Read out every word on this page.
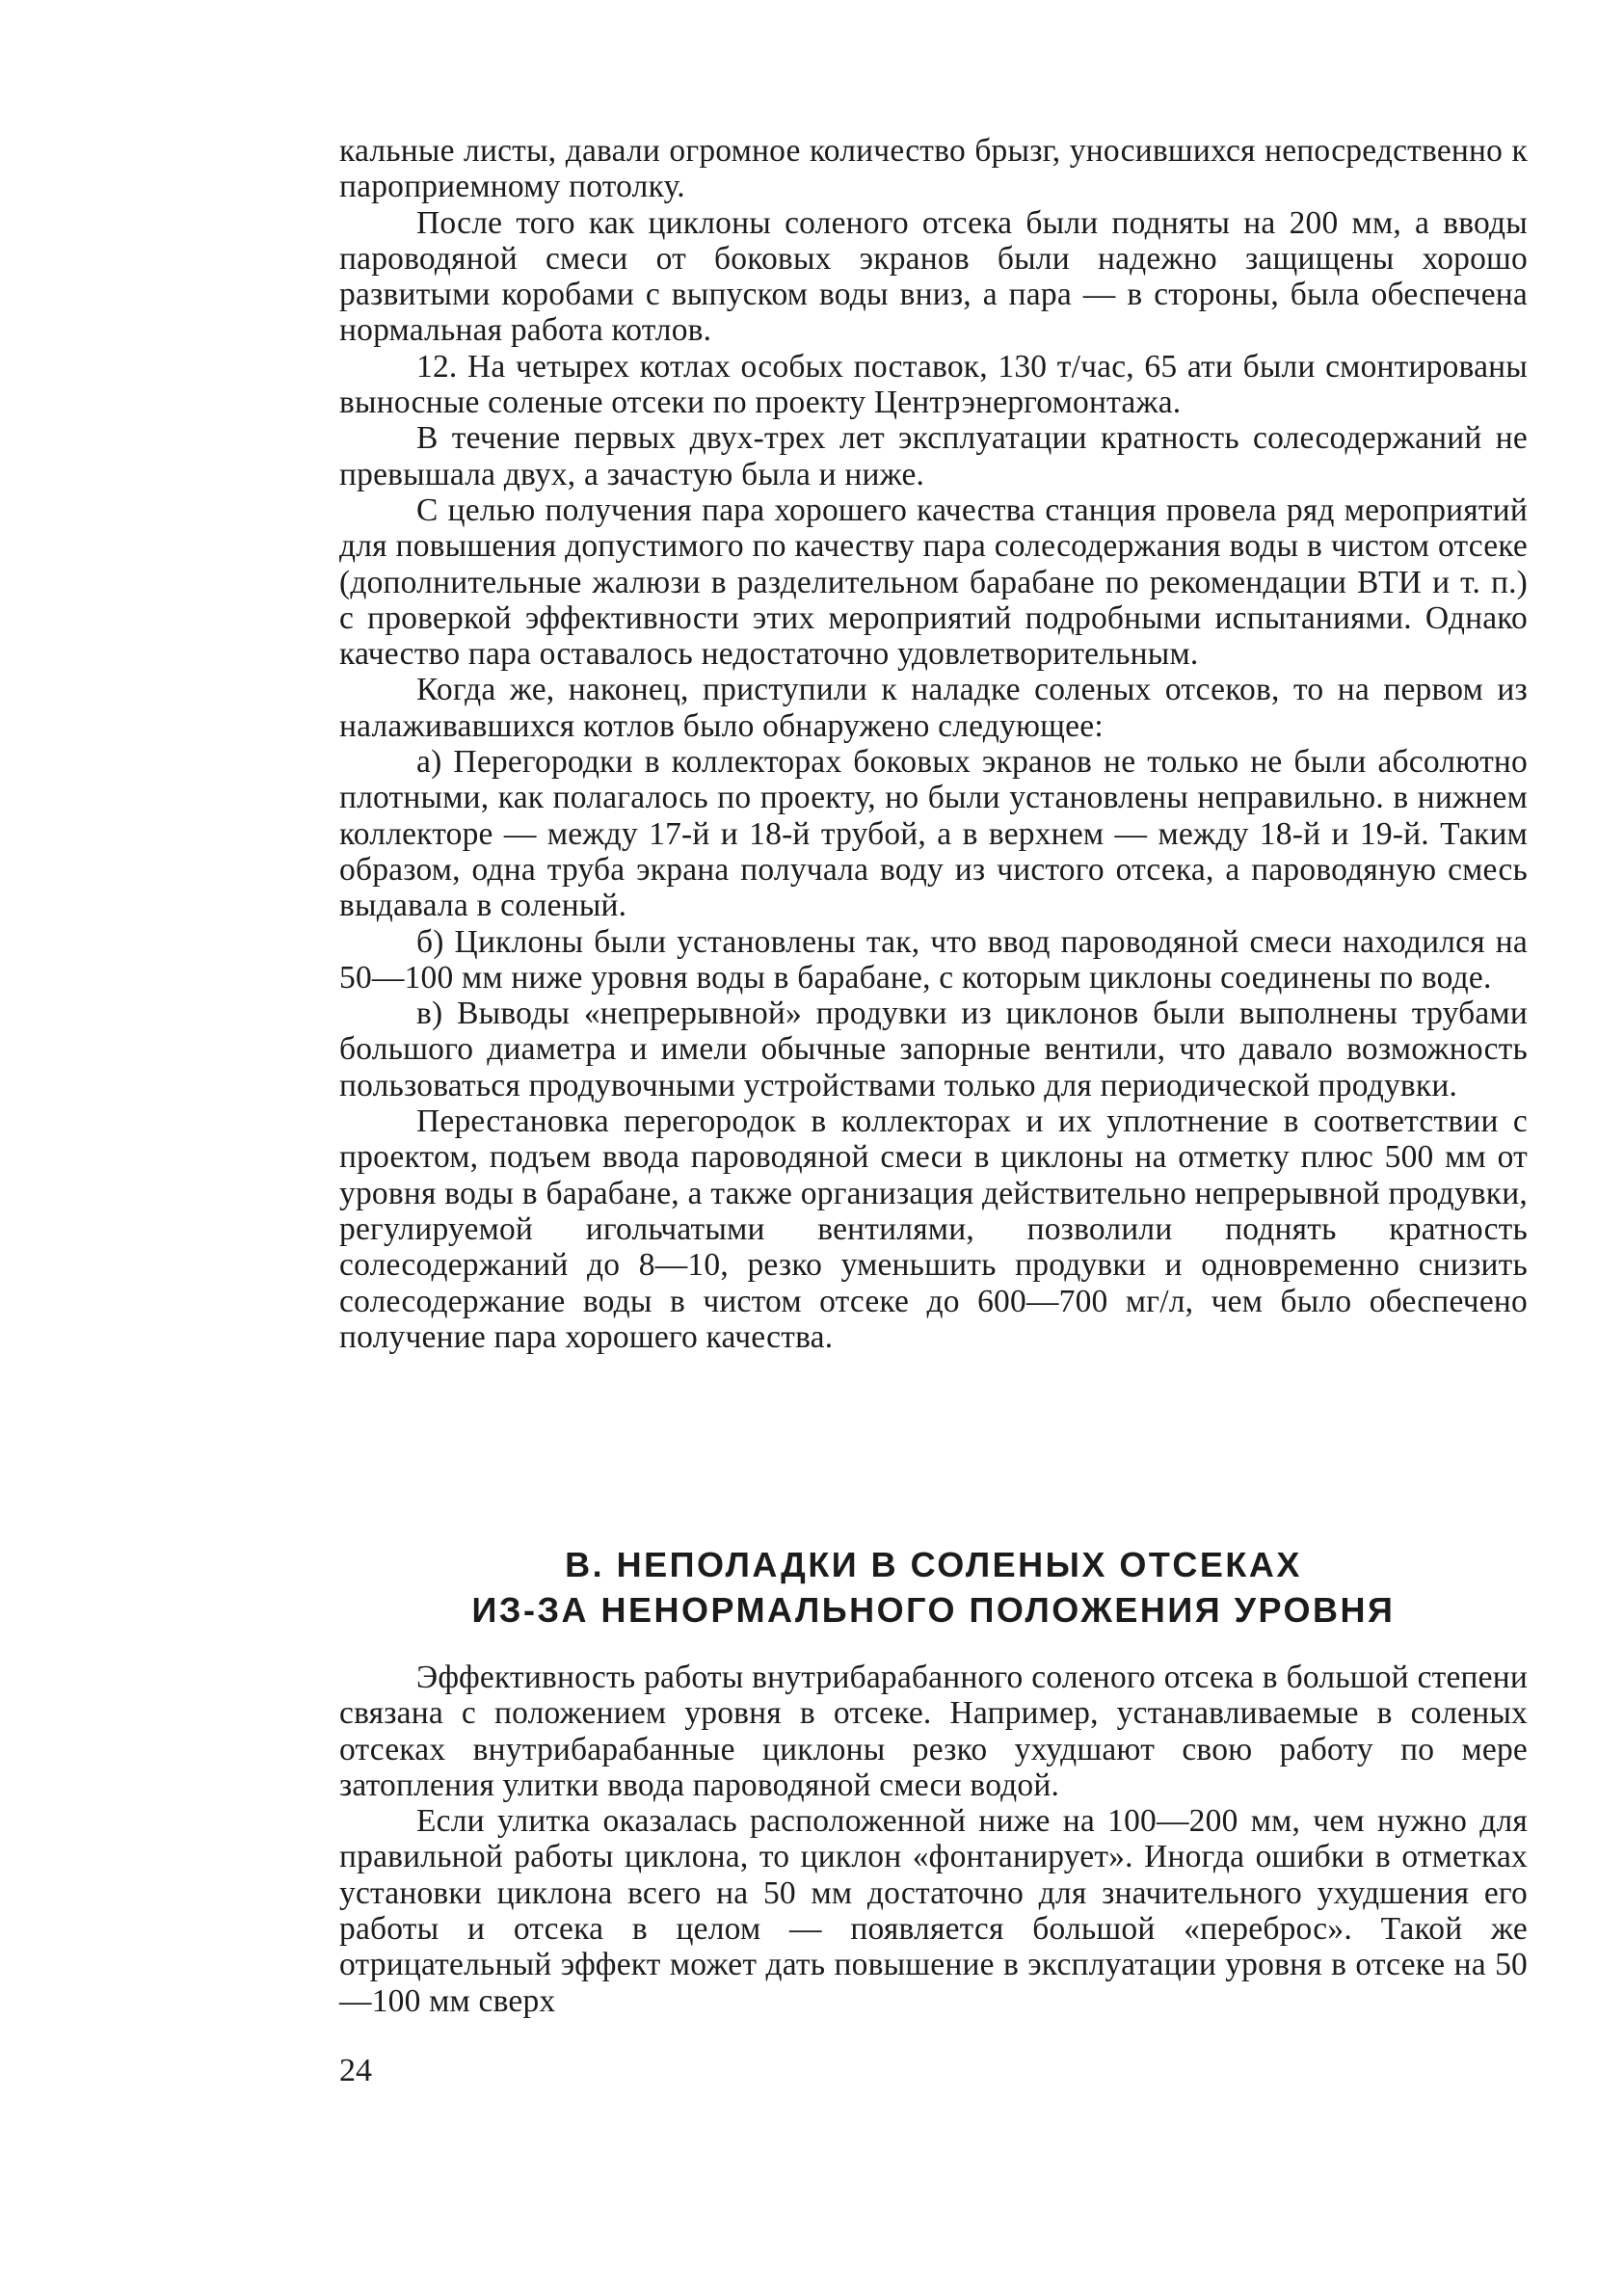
кальные листы, давали огромное количество брызг, уносившихся непосредственно к пароприемному потолку.

После того как циклоны соленого отсека были подняты на 200 мм, а вводы пароводяной смеси от боковых экранов были надежно защищены хорошо развитыми коробами с выпуском воды вниз, а пара — в стороны, была обеспечена нормальная работа котлов.

12. На четырех котлах особых поставок, 130 т/час, 65 ати были смонтированы выносные соленые отсеки по проекту Центрэнергомонтажа.

В течение первых двух-трех лет эксплуатации кратность солесодержаний не превышала двух, а зачастую была и ниже.

С целью получения пара хорошего качества станция провела ряд мероприятий для повышения допустимого по качеству пара солесодержания воды в чистом отсеке (дополнительные жалюзи в разделительном барабане по рекомендации ВТИ и т. п.) с проверкой эффективности этих мероприятий подробными испытаниями. Однако качество пара оставалось недостаточно удовлетворительным.

Когда же, наконец, приступили к наладке соленых отсеков, то на первом из налаживавшихся котлов было обнаружено следующее:

а) Перегородки в коллекторах боковых экранов не только не были абсолютно плотными, как полагалось по проекту, но были установлены неправильно. в нижнем коллекторе — между 17-й и 18-й трубой, а в верхнем — между 18-й и 19-й. Таким образом, одна труба экрана получала воду из чистого отсека, а пароводяную смесь выдавала в соленый.

б) Циклоны были установлены так, что ввод пароводяной смеси находился на 50—100 мм ниже уровня воды в барабане, с которым циклоны соединены по воде.

в) Выводы «непрерывной» продувки из циклонов были выполнены трубами большого диаметра и имели обычные запорные вентили, что давало возможность пользоваться продувочными устройствами только для периодической продувки.

Перестановка перегородок в коллекторах и их уплотнение в соответствии с проектом, подъем ввода пароводяной смеси в циклоны на отметку плюс 500 мм от уровня воды в барабане, а также организация действительно непрерывной продувки, регулируемой игольчатыми вентилями, позволили поднять кратность солесодержаний до 8—10, резко уменьшить продувки и одновременно снизить солесодержание воды в чистом отсеке до 600—700 мг/л, чем было обеспечено получение пара хорошего качества.

В. НЕПОЛАДКИ В СОЛЕНЫХ ОТСЕКАХ
ИЗ-ЗА НЕНОРМАЛЬНОГО ПОЛОЖЕНИЯ УРОВНЯ

Эффективность работы внутрибарабанного соленого отсека в большой степени связана с положением уровня в отсеке. Например, устанавливаемые в соленых отсеках внутрибарабанные циклоны резко ухудшают свою работу по мере затопления улитки ввода пароводяной смеси водой.

Если улитка оказалась расположенной ниже на 100—200 мм, чем нужно для правильной работы циклона, то циклон «фонтанирует». Иногда ошибки в отметках установки циклона всего на 50 мм достаточно для значительного ухудшения его работы и отсека в целом — появляется большой «переброс». Такой же отрицательный эффект может дать повышение в эксплуатации уровня в отсеке на 50—100 мм сверх

24
